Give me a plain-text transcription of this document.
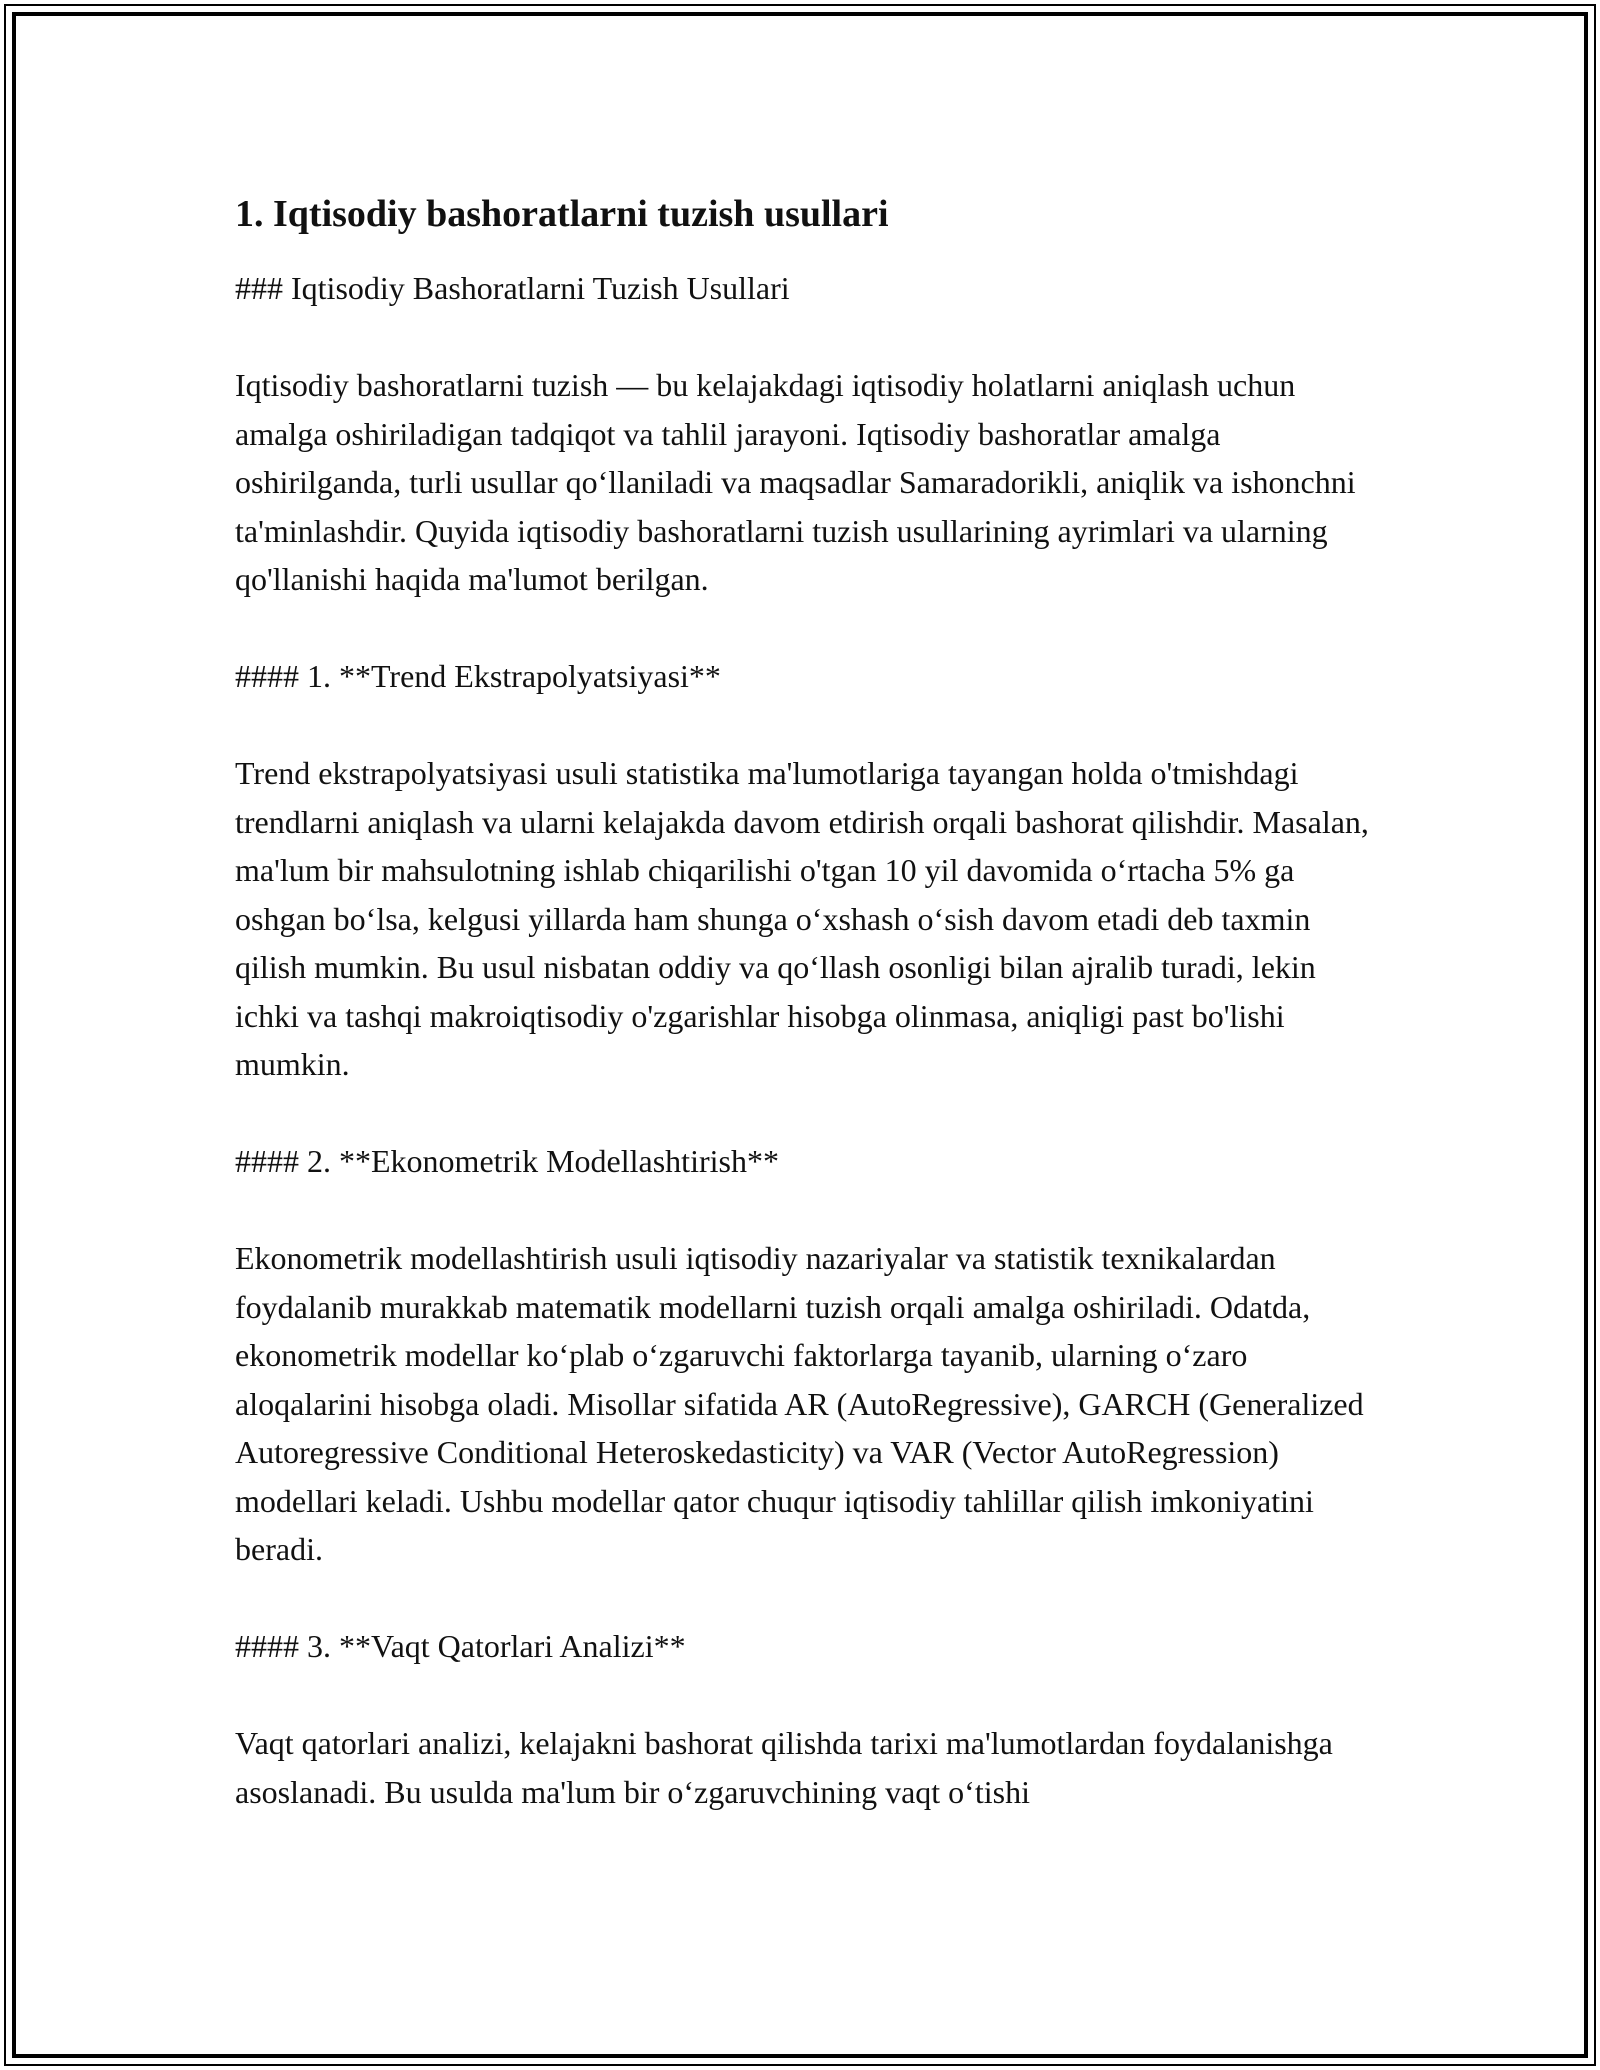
1. Iqtisodiy bashoratlarni tuzish usullari

### Iqtisodiy Bashoratlarni Tuzish Usullari

Iqtisodiy bashoratlarni tuzish — bu kelajakdagi iqtisodiy holatlarni aniqlash uchun amalga oshiriladigan tadqiqot va tahlil jarayoni. Iqtisodiy bashoratlar amalga oshirilganda, turli usullar qo‘llaniladi va maqsadlar Samaradorikli, aniqlik va ishonchni ta'minlashdir. Quyida iqtisodiy bashoratlarni tuzish usullarining ayrimlari va ularning qo'llanishi haqida ma'lumot berilgan.

#### 1. **Trend Ekstrapolyatsiyasi**

Trend ekstrapolyatsiyasi usuli statistika ma'lumotlariga tayangan holda o'tmishdagi trendlarni aniqlash va ularni kelajakda davom etdirish orqali bashorat qilishdir. Masalan, ma'lum bir mahsulotning ishlab chiqarilishi o'tgan 10 yil davomida o‘rtacha 5% ga oshgan bo‘lsa, kelgusi yillarda ham shunga o‘xshash o‘sish davom etadi deb taxmin qilish mumkin. Bu usul nisbatan oddiy va qo‘llash osonligi bilan ajralib turadi, lekin ichki va tashqi makroiqtisodiy o'zgarishlar hisobga olinmasa, aniqligi past bo'lishi mumkin.

#### 2. **Ekonometrik Modellashtirish**

Ekonometrik modellashtirish usuli iqtisodiy nazariyalar va statistik texnikalardan foydalanib murakkab matematik modellarni tuzish orqali amalga oshiriladi. Odatda, ekonometrik modellar ko‘plab o‘zgaruvchi faktorlarga tayanib, ularning o‘zaro aloqalarini hisobga oladi. Misollar sifatida AR (AutoRegressive), GARCH (Generalized Autoregressive Conditional Heteroskedasticity) va VAR (Vector AutoRegression) modellari keladi. Ushbu modellar qator chuqur iqtisodiy tahlillar qilish imkoniyatini beradi.

#### 3. **Vaqt Qatorlari Analizi**

Vaqt qatorlari analizi, kelajakni bashorat qilishda tarixi ma'lumotlardan foydalanishga asoslanadi. Bu usulda ma'lum bir o‘zgaruvchining vaqt o‘tishi
